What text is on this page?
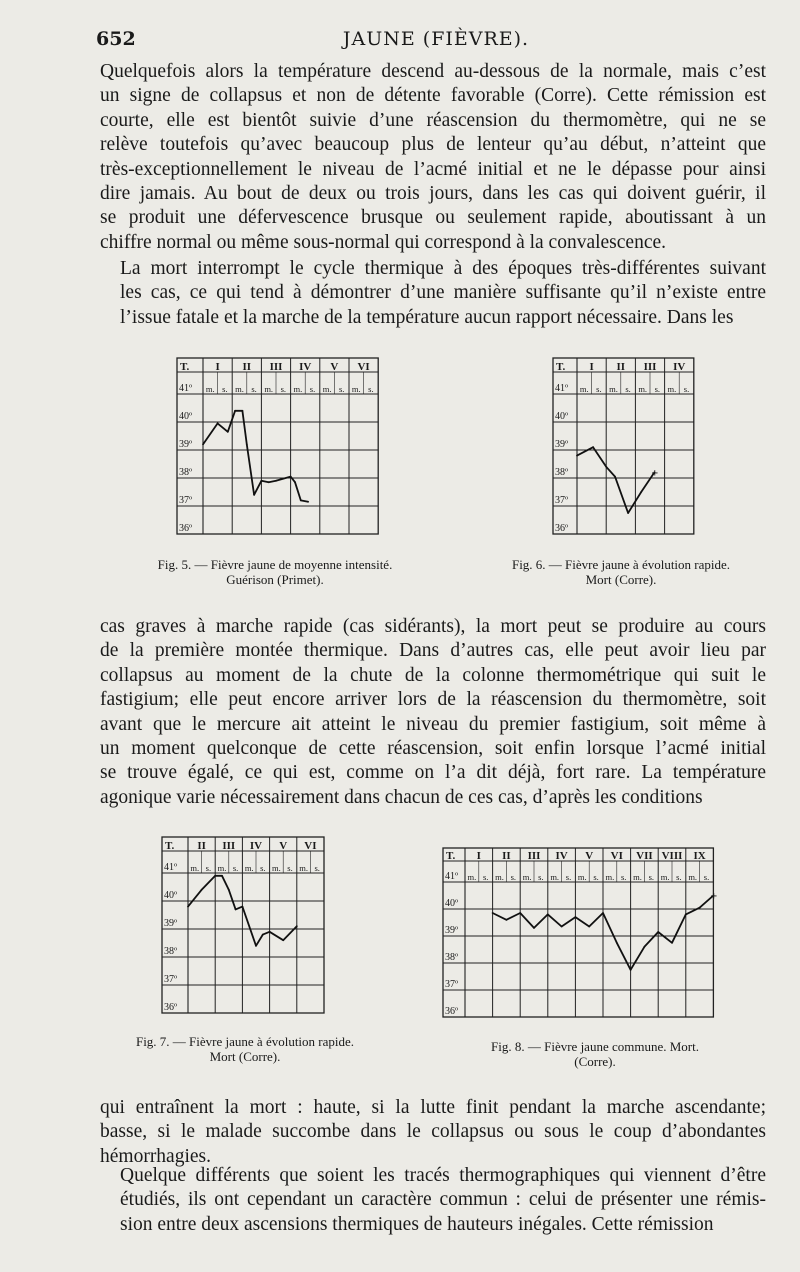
652	JAUNE (FIÈVRE).

Quelquefois alors la température descend au-dessous de la normale, mais c’est
un signe de collapsus et non de détente favorable (Corre). Cette rémission est
courte, elle est bientôt suivie d’une réascension du thermomètre, qui ne se
relève toutefois qu’avec beaucoup plus de lenteur qu’au début, n’atteint que
très-exceptionnellement le niveau de l’acmé initial et ne le dépasse pour ainsi
dire jamais. Au bout de deux ou trois jours, dans les cas qui doivent guérir, il
se produit une défervescence brusque ou seulement rapide, aboutissant à un
chiffre normal ou même sous-normal qui correspond à la convalescence.

La mort interrompt le cycle thermique à des époques très-différentes suivant
les cas, ce qui tend à démontrer d’une manière suffisante qu’il n’existe entre
l’issue fatale et la marche de la température aucun rapport nécessaire. Dans les

T. I II III IV V VI
m. s. m. s. m. s. m. s. m. s. m. s.
41º
40º
39º
38º
37º
36º
T. I II III IV
m. s. m. s. m. s. m. s.
41º
40º
39º
38º
37º
36º
+
Fig. 5. — Fièvre jaune de moyenne intensité.
Guérison (Primet).
Fig. 6. — Fièvre jaune à évolution rapide.
Mort (Corre).

cas graves à marche rapide (cas sidérants), la mort peut se produire au cours
de la première montée thermique. Dans d’autres cas, elle peut avoir lieu par
collapsus au moment de la chute de la colonne thermométrique qui suit le
fastigium; elle peut encore arriver lors de la réascension du thermomètre, soit
avant que le mercure ait atteint le niveau du premier fastigium, soit même à
un moment quelconque de cette réascension, soit enfin lorsque l’acmé initial
se trouve égalé, ce qui est, comme on l’a dit déjà, fort rare. La température
agonique varie nécessairement dans chacun de ces cas, d’après les conditions

T. II III IV V VI
m. s. m. s. m. s. m. s. m. s.
41º
40º
39º
38º
37º
36º
T. I II III IV V VI VII VIII IX
m. s. m. s. m. s. m. s. m. s. m. s. m. s. m. s. m. s.
41º
40º
39º
38º
37º
36º
+
Fig. 7. — Fièvre jaune à évolution rapide.
Mort (Corre).
Fig. 8. — Fièvre jaune commune. Mort.
(Corre).

qui entraînent la mort : haute, si la lutte finit pendant la marche ascendante;
basse, si le malade succombe dans le collapsus ou sous le coup d’abondantes
hémorrhagies.

Quelque différents que soient les tracés thermographiques qui viennent d’être
étudiés, ils ont cependant un caractère commun : celui de présenter une rémis-
sion entre deux ascensions thermiques de hauteurs inégales. Cette rémission
